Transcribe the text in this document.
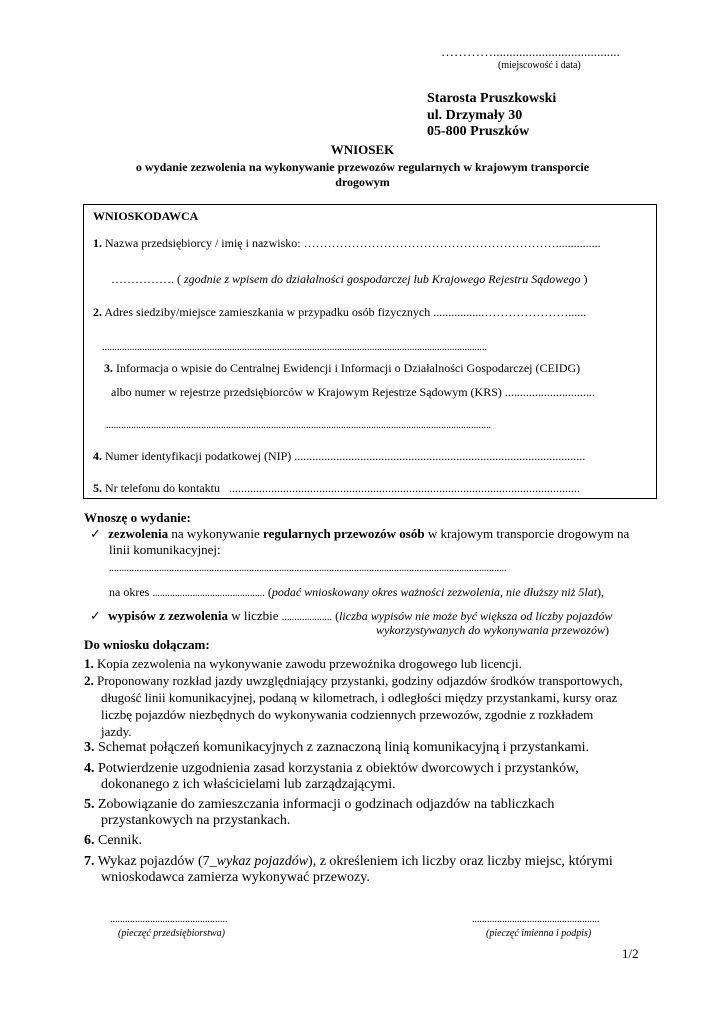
………….......................................
(miejscowość i data)
Starosta Pruszkowski
ul. Drzymały 30
05-800 Pruszków
WNIOSEK
o wydanie zezwolenia na wykonywanie przewozów regularnych w krajowym transporcie
drogowym
WNIOSKODAWCA
1. Nazwa przedsiębiorcy / imię i nazwisko: ………………………………………………………...............
……………. ( zgodnie z wpisem do działalności gospodarczej lub Krajowego Rejestru Sądowego )
2. Adres siedziby/miejsce zamieszkania w przypadku osób fizycznych .................…………………......
..........................................................................................................................................................
3. Informacja o wpisie do Centralnej Ewidencji i Informacji o Działalności Gospodarczej (CEIDG)
albo numer w rejestrze przedsiębiorców w Krajowym Rejestrze Sądowym (KRS) ..............................
..........................................................................................................................................................
4. Numer identyfikacji podatkowej (NIP) .................................................................................................
5. Nr telefonu do kontaktu .....................................................................................................................
Wnoszę o wydanie:
✓ zezwolenia na wykonywanie regularnych przewozów osób w krajowym transporcie drogowym na
linii komunikacyjnej:
...............................................................................................................................................................
na okres ............................................. (podać wnioskowany okres ważności zezwolenia, nie dłuższy niż 5lat),
✓ wypisów z zezwolenia w liczbie .................... (liczba wypisów nie może być większa od liczby pojazdów
wykorzystywanych do wykonywania przewozów)
Do wniosku dołączam:
1. Kopia zezwolenia na wykonywanie zawodu przewoźnika drogowego lub licencji.
2. Proponowany rozkład jazdy uwzględniający przystanki, godziny odjazdów środków transportowych,
długość linii komunikacyjnej, podaną w kilometrach, i odległości między przystankami, kursy oraz
liczbę pojazdów niezbędnych do wykonywania codziennych przewozów, zgodnie z rozkładem
jazdy.
3. Schemat połączeń komunikacyjnych z zaznaczoną linią komunikacyjną i przystankami.
4. Potwierdzenie uzgodnienia zasad korzystania z obiektów dworcowych i przystanków,
dokonanego z ich właścicielami lub zarządzającymi.
5. Zobowiązanie do zamieszczania informacji o godzinach odjazdów na tabliczkach
przystankowych na przystankach.
6. Cennik.
7. Wykaz pojazdów (7_wykaz pojazdów), z określeniem ich liczby oraz liczby miejsc, którymi
wnioskodawca zamierza wykonywać przewozy.
...............................................
(pieczęć przedsiębiorstwa)
...................................................
(pieczęć imienna i podpis)
1/2
